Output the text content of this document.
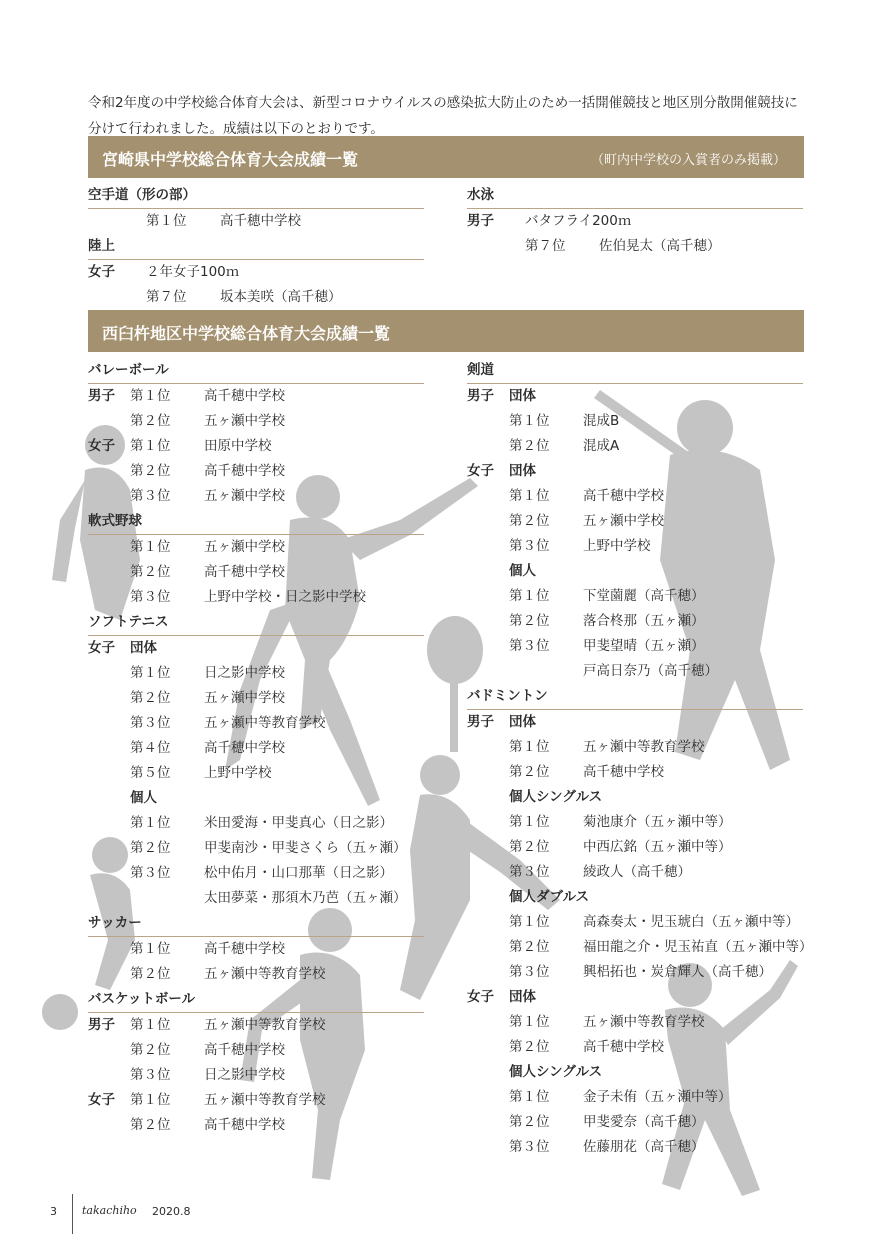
令和2年度の中学校総合体育大会は、新型コロナウイルスの感染拡大防止のため一括開催競技と地区別分散開催競技に分けて行われました。成績は以下のとおりです。

宮崎県中学校総合体育大会成績一覧	（町内中学校の入賞者のみ掲載）
空手道（形の部）
第１位 高千穂中学校
陸上
女子 ２年女子100ｍ
第７位 坂本美咲（高千穂）
水泳
男子 バタフライ200ｍ
第７位 佐伯晃太（高千穂）
西臼杵地区中学校総合体育大会成績一覧
バレーボール
男子 第１位 高千穂中学校
第２位 五ヶ瀬中学校
女子 第１位 田原中学校
第２位 高千穂中学校
第３位 五ヶ瀬中学校
軟式野球
第１位 五ヶ瀬中学校
第２位 高千穂中学校
第３位 上野中学校・日之影中学校
ソフトテニス
女子 団体
第１位 日之影中学校
第２位 五ヶ瀬中学校
第３位 五ヶ瀬中等教育学校
第４位 高千穂中学校
第５位 上野中学校
個人
第１位 米田愛海・甲斐真心（日之影）
第２位 甲斐南沙・甲斐さくら（五ヶ瀬）
第３位 松中佑月・山口那華（日之影）
太田夢菜・那須木乃芭（五ヶ瀬）
サッカー
第１位 高千穂中学校
第２位 五ヶ瀬中等教育学校
バスケットボール
男子 第１位 五ヶ瀬中等教育学校
第２位 高千穂中学校
第３位 日之影中学校
女子 第１位 五ヶ瀬中等教育学校
第２位 高千穂中学校
剣道
男子 団体
第１位 混成B
第２位 混成A
女子 団体
第１位 高千穂中学校
第２位 五ヶ瀬中学校
第３位 上野中学校
個人
第１位 下堂薗麗（高千穂）
第２位 落合柊那（五ヶ瀬）
第３位 甲斐望晴（五ヶ瀬）
戸高日奈乃（高千穂）
バドミントン
男子 団体
第１位 五ヶ瀬中等教育学校
第２位 高千穂中学校
個人シングルス
第１位 菊池康介（五ヶ瀬中等）
第２位 中西広銘（五ヶ瀬中等）
第３位 綾政人（高千穂）
個人ダブルス
第１位 高森奏太・児玉琥白（五ヶ瀬中等）
第２位 福田龍之介・児玉祐直（五ヶ瀬中等）
第３位 興梠拓也・炭倉輝人（高千穂）
女子 団体
第１位 五ヶ瀬中等教育学校
第２位 高千穂中学校
個人シングルス
第１位 金子未侑（五ヶ瀬中等）
第２位 甲斐愛奈（高千穂）
第３位 佐藤朋花（高千穂）
3 takachiho 2020.8
